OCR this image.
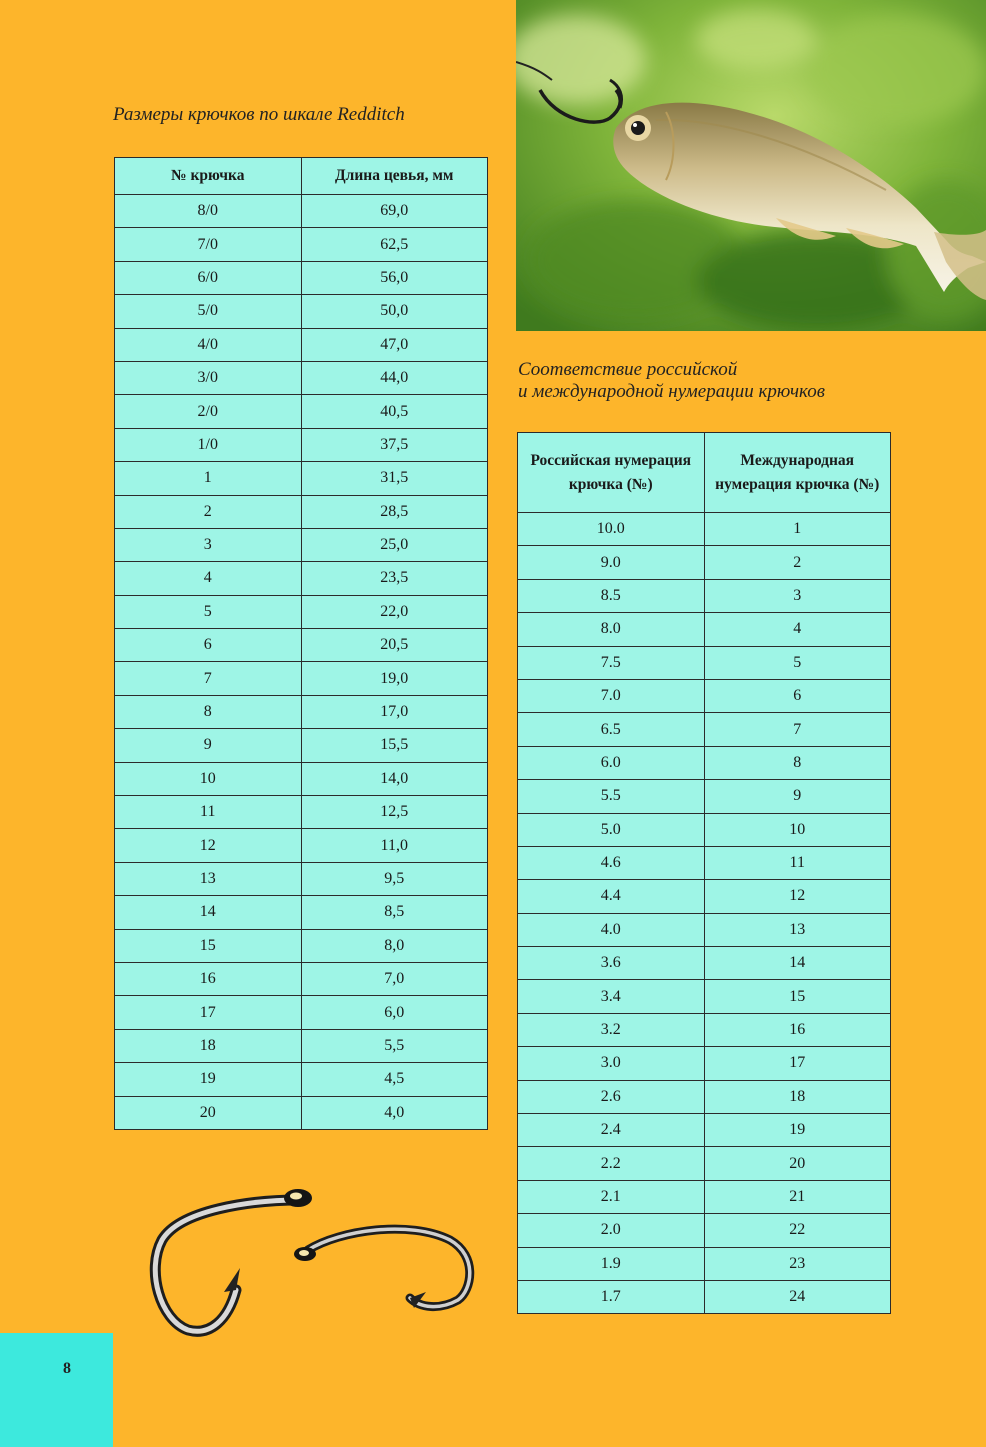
Размеры крючков по шкале Redditch

№ крючка	Длина цевья, мм
8/0	69,0
7/0	62,5
6/0	56,0
5/0	50,0
4/0	47,0
3/0	44,0
2/0	40,5
1/0	37,5
1	31,5
2	28,5
3	25,0
4	23,5
5	22,0
6	20,5
7	19,0
8	17,0
9	15,5
10	14,0
11	12,5
12	11,0
13	9,5
14	8,5
15	8,0
16	7,0
17	6,0
18	5,5
19	4,5
20	4,0

Соответствие российской
и международной нумерации крючков

Российская нумерация крючка (№)	Международная нумерация крючка (№)
10.0	1
9.0	2
8.5	3
8.0	4
7.5	5
7.0	6
6.5	7
6.0	8
5.5	9
5.0	10
4.6	11
4.4	12
4.0	13
3.6	14
3.4	15
3.2	16
3.0	17
2.6	18
2.4	19
2.2	20
2.1	21
2.0	22
1.9	23
1.7	24
8
